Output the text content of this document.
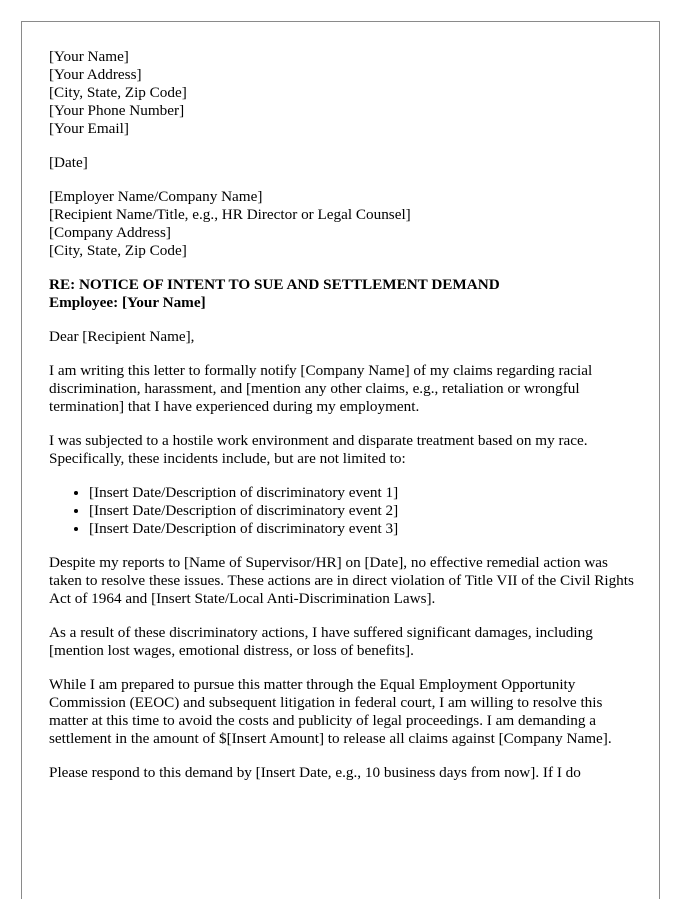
[Your Name]
[Your Address]
[City, State, Zip Code]
[Your Phone Number]
[Your Email]
[Date]
[Employer Name/Company Name]
[Recipient Name/Title, e.g., HR Director or Legal Counsel]
[Company Address]
[City, State, Zip Code]
RE: NOTICE OF INTENT TO SUE AND SETTLEMENT DEMAND
Employee: [Your Name]

Dear [Recipient Name],

I am writing this letter to formally notify [Company Name] of my claims regarding racial discrimination, harassment, and [mention any other claims, e.g., retaliation or wrongful termination] that I have experienced during my employment.

I was subjected to a hostile work environment and disparate treatment based on my race. Specifically, these incidents include, but are not limited to:

• [Insert Date/Description of discriminatory event 1]
• [Insert Date/Description of discriminatory event 2]
• [Insert Date/Description of discriminatory event 3]

Despite my reports to [Name of Supervisor/HR] on [Date], no effective remedial action was taken to resolve these issues. These actions are in direct violation of Title VII of the Civil Rights Act of 1964 and [Insert State/Local Anti-Discrimination Laws].

As a result of these discriminatory actions, I have suffered significant damages, including [mention lost wages, emotional distress, or loss of benefits].

While I am prepared to pursue this matter through the Equal Employment Opportunity Commission (EEOC) and subsequent litigation in federal court, I am willing to resolve this matter at this time to avoid the costs and publicity of legal proceedings. I am demanding a settlement in the amount of $[Insert Amount] to release all claims against [Company Name].

Please respond to this demand by [Insert Date, e.g., 10 business days from now]. If I do
